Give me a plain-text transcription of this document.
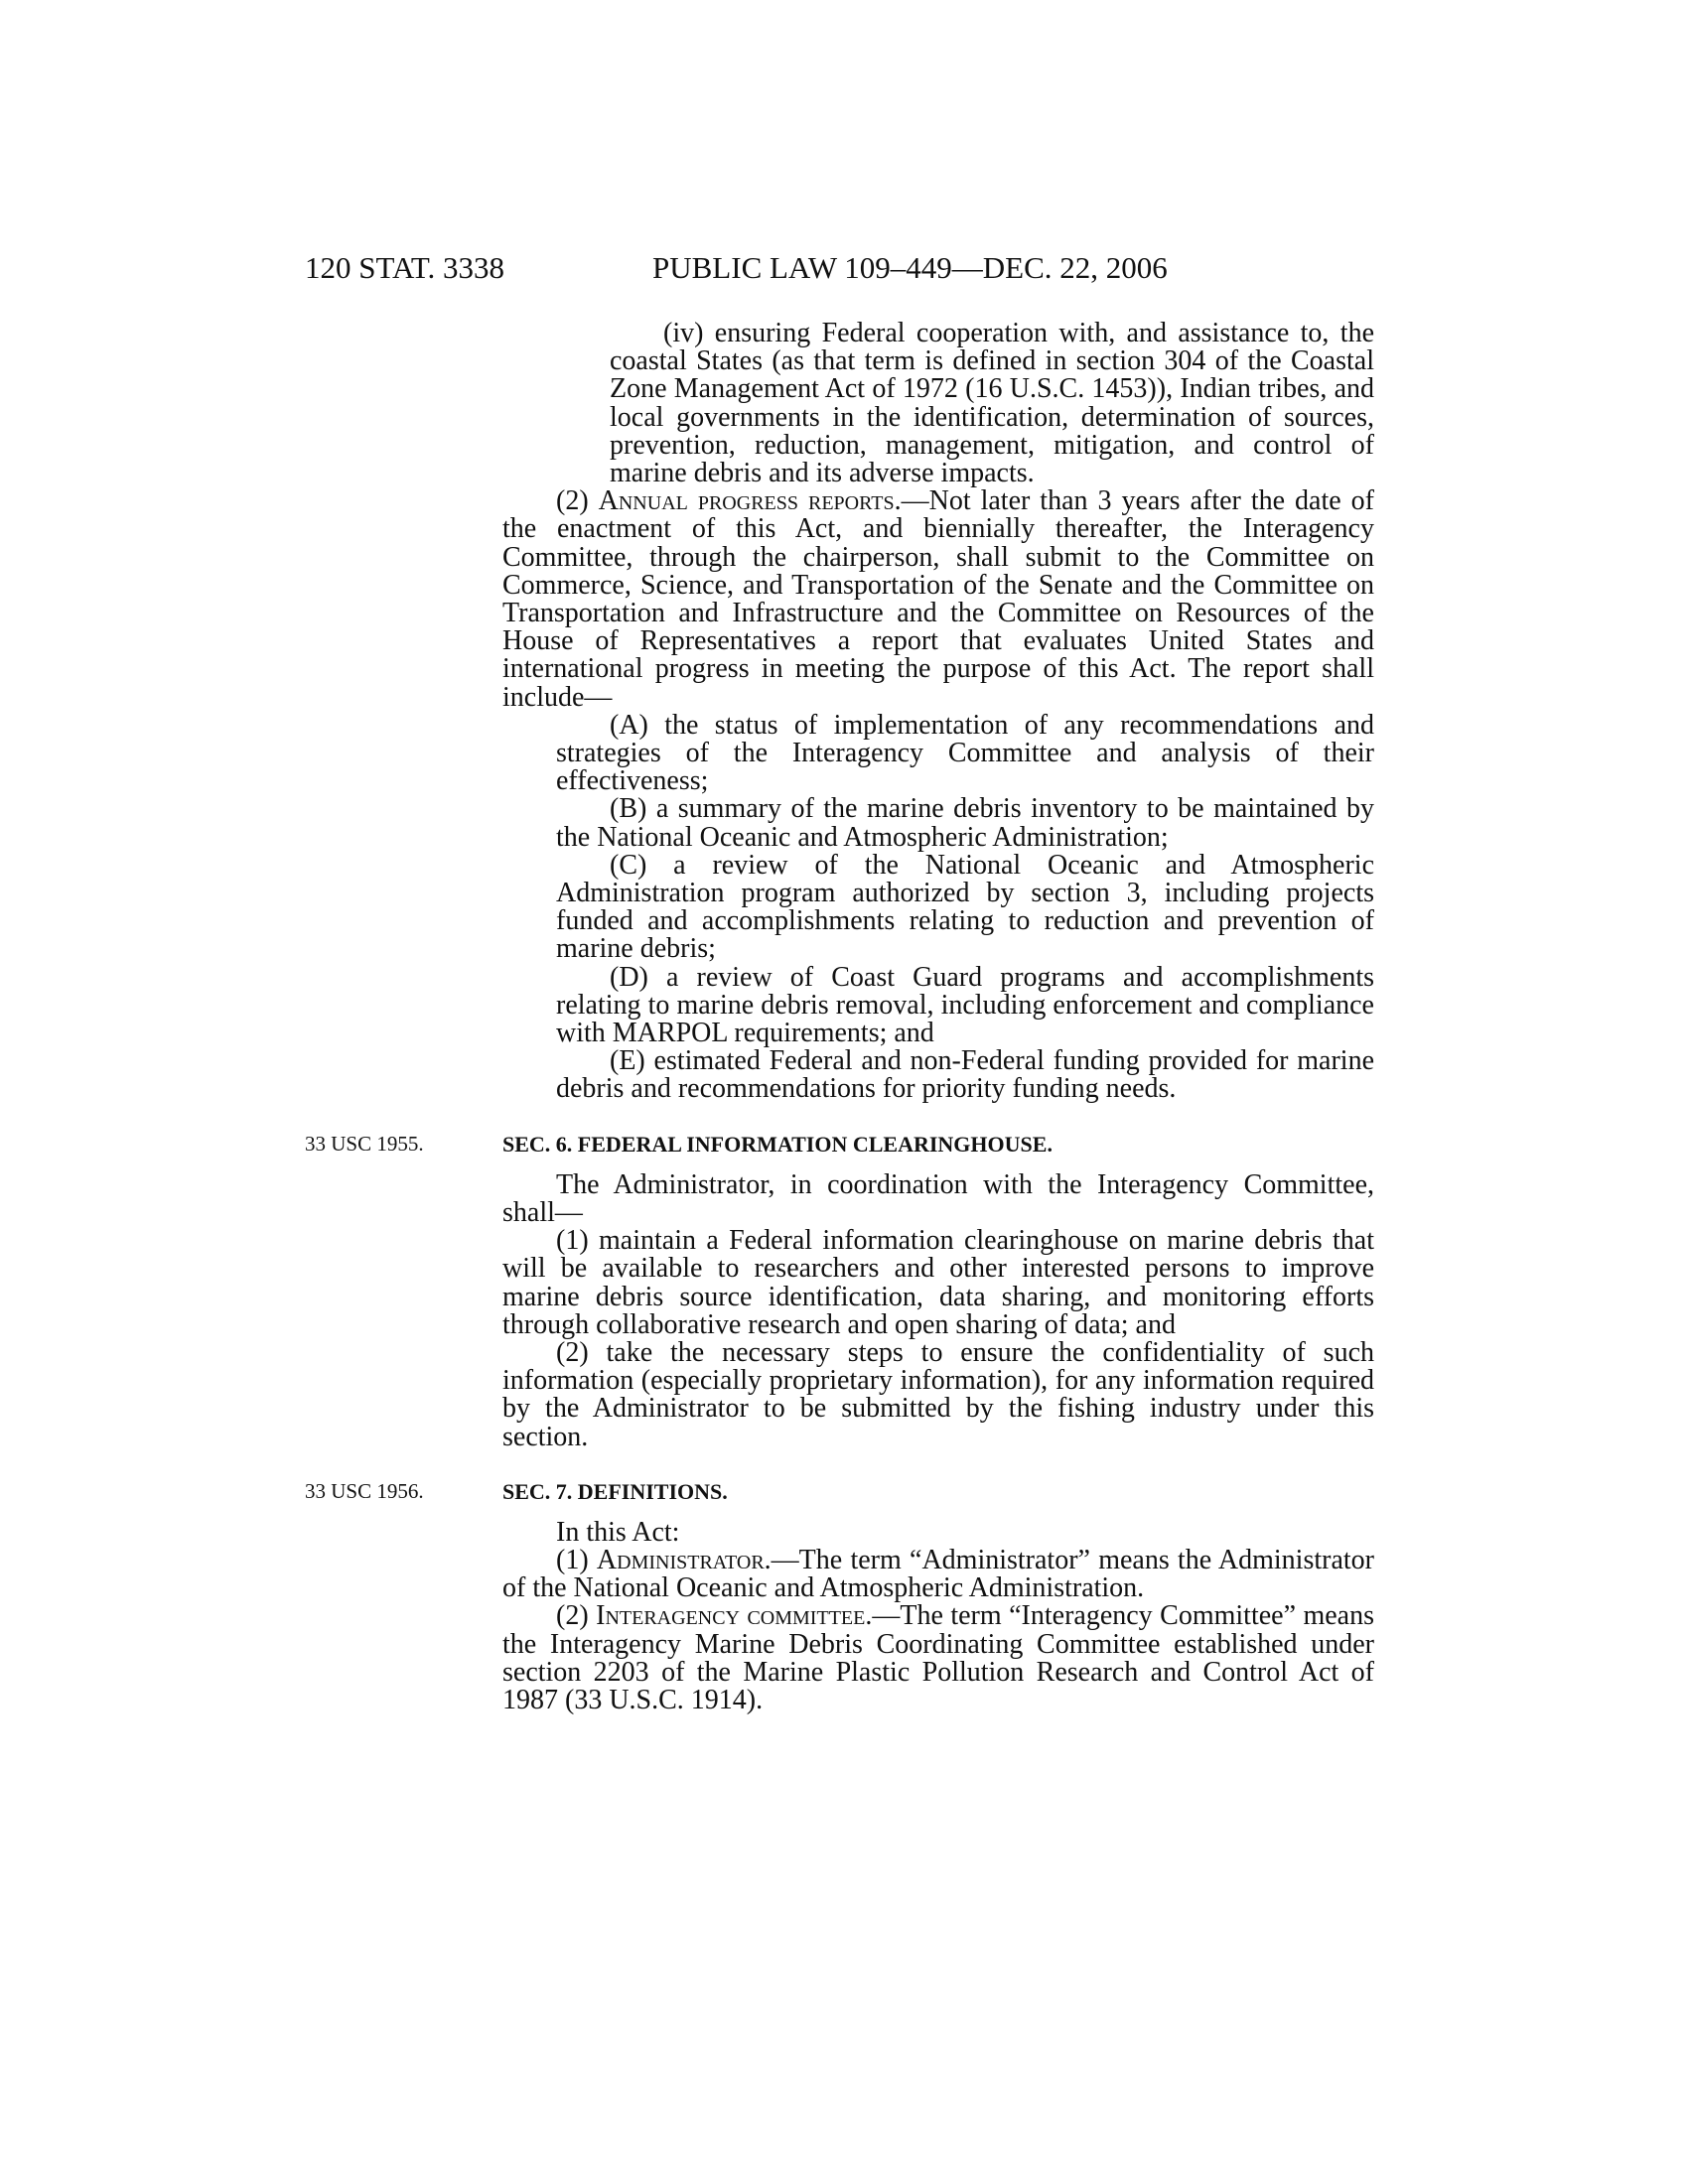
120 STAT. 3338	PUBLIC LAW 109–449—DEC. 22, 2006

(iv) ensuring Federal cooperation with, and assistance to, the coastal States (as that term is defined in section 304 of the Coastal Zone Management Act of 1972 (16 U.S.C. 1453)), Indian tribes, and local governments in the identification, determination of sources, prevention, reduction, management, mitigation, and control of marine debris and its adverse impacts.

(2) Annual progress reports.—Not later than 3 years after the date of the enactment of this Act, and biennially thereafter, the Interagency Committee, through the chairperson, shall submit to the Committee on Commerce, Science, and Transportation of the Senate and the Committee on Transportation and Infrastructure and the Committee on Resources of the House of Representatives a report that evaluates United States and international progress in meeting the purpose of this Act. The report shall include—

(A) the status of implementation of any recommendations and strategies of the Interagency Committee and analysis of their effectiveness;

(B) a summary of the marine debris inventory to be maintained by the National Oceanic and Atmospheric Administration;

(C) a review of the National Oceanic and Atmospheric Administration program authorized by section 3, including projects funded and accomplishments relating to reduction and prevention of marine debris;

(D) a review of Coast Guard programs and accomplishments relating to marine debris removal, including enforcement and compliance with MARPOL requirements; and

(E) estimated Federal and non-Federal funding provided for marine debris and recommendations for priority funding needs.

33 USC 1955.	SEC. 6. FEDERAL INFORMATION CLEARINGHOUSE.

The Administrator, in coordination with the Interagency Committee, shall—

(1) maintain a Federal information clearinghouse on marine debris that will be available to researchers and other interested persons to improve marine debris source identification, data sharing, and monitoring efforts through collaborative research and open sharing of data; and

(2) take the necessary steps to ensure the confidentiality of such information (especially proprietary information), for any information required by the Administrator to be submitted by the fishing industry under this section.

33 USC 1956.	SEC. 7. DEFINITIONS.

In this Act:

(1) Administrator.—The term “Administrator” means the Administrator of the National Oceanic and Atmospheric Administration.

(2) Interagency committee.—The term “Interagency Committee” means the Interagency Marine Debris Coordinating Committee established under section 2203 of the Marine Plastic Pollution Research and Control Act of 1987 (33 U.S.C. 1914).
